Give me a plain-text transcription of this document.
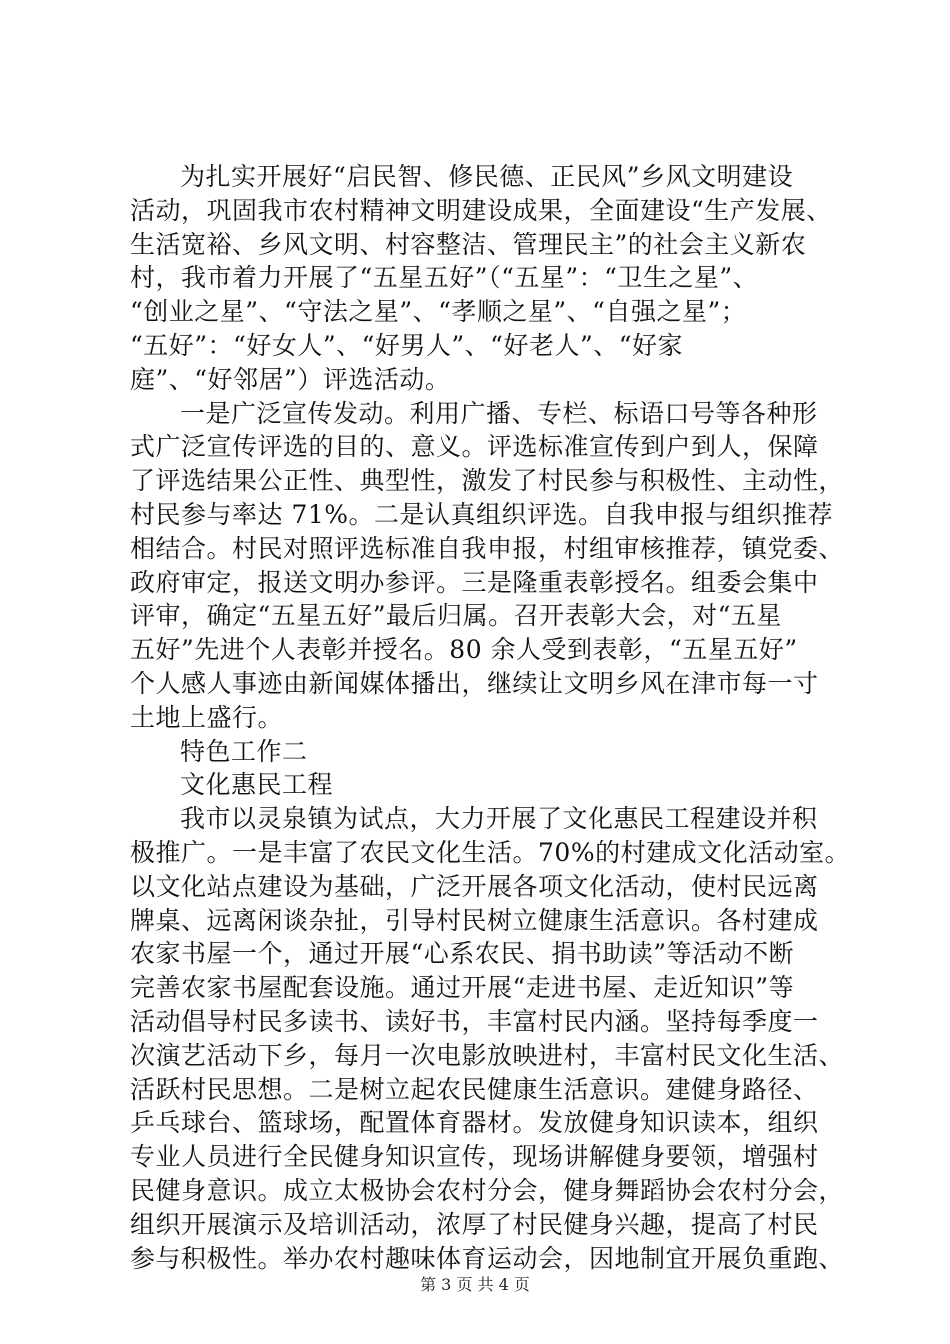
为扎实开展好“启民智、修民德、正民风”乡风文明建设
活动，巩固我市农村精神文明建设成果，全面建设“生产发展、
生活宽裕、乡风文明、村容整洁、管理民主”的社会主义新农
村，我市着力开展了“五星五好”（“五星”：“卫生之星”、
“创业之星”、“守法之星”、“孝顺之星”、“自强之星”；
“五好”：“好女人”、“好男人”、“好老人”、“好家
庭”、“好邻居”）评选活动。
一是广泛宣传发动。利用广播、专栏、标语口号等各种形
式广泛宣传评选的目的、意义。评选标准宣传到户到人，保障
了评选结果公正性、典型性，激发了村民参与积极性、主动性，
村民参与率达 71%。二是认真组织评选。自我申报与组织推荐
相结合。村民对照评选标准自我申报，村组审核推荐，镇党委、
政府审定，报送文明办参评。三是隆重表彰授名。组委会集中
评审，确定“五星五好”最后归属。召开表彰大会，对“五星
五好”先进个人表彰并授名。80 余人受到表彰，“五星五好”
个人感人事迹由新闻媒体播出，继续让文明乡风在津市每一寸
土地上盛行。
特色工作二
文化惠民工程
我市以灵泉镇为试点，大力开展了文化惠民工程建设并积
极推广。一是丰富了农民文化生活。70%的村建成文化活动室。
以文化站点建设为基础，广泛开展各项文化活动，使村民远离
牌桌、远离闲谈杂扯，引导村民树立健康生活意识。各村建成
农家书屋一个，通过开展“心系农民、捐书助读”等活动不断
完善农家书屋配套设施。通过开展“走进书屋、走近知识”等
活动倡导村民多读书、读好书，丰富村民内涵。坚持每季度一
次演艺活动下乡，每月一次电影放映进村，丰富村民文化生活、
活跃村民思想。二是树立起农民健康生活意识。建健身路径、
乒乓球台、篮球场，配置体育器材。发放健身知识读本，组织
专业人员进行全民健身知识宣传，现场讲解健身要领，增强村
民健身意识。成立太极协会农村分会，健身舞蹈协会农村分会，
组织开展演示及培训活动，浓厚了村民健身兴趣，提高了村民
参与积极性。举办农村趣味体育运动会，因地制宜开展负重跑、
第 3 页 共 4 页
